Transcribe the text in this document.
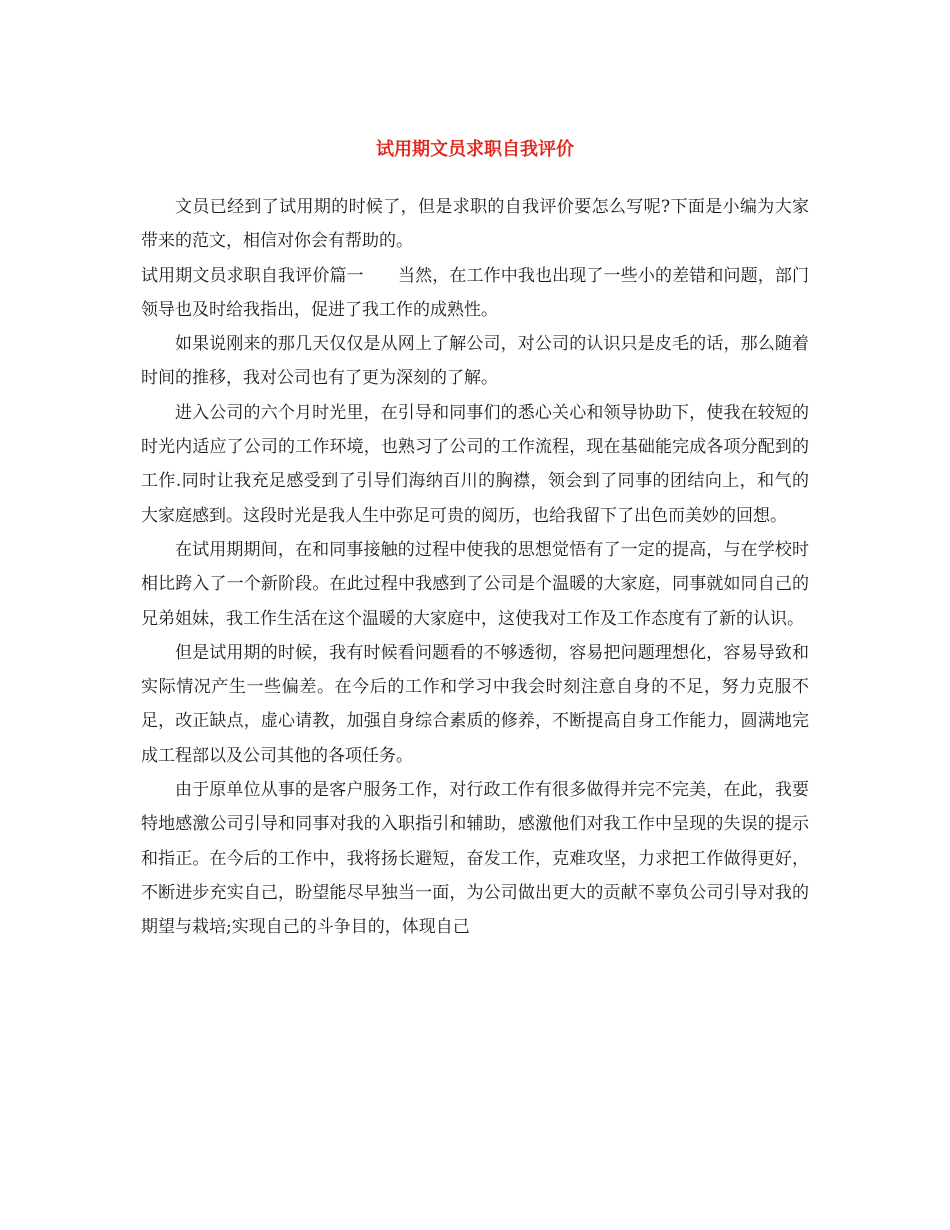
试用期文员求职自我评价

文员已经到了试用期的时候了，但是求职的自我评价要怎么写呢?下面是小编为大家带来的范文，相信对你会有帮助的。

试用期文员求职自我评价篇一　　当然，在工作中我也出现了一些小的差错和问题，部门领导也及时给我指出，促进了我工作的成熟性。

如果说刚来的那几天仅仅是从网上了解公司，对公司的认识只是皮毛的话，那么随着时间的推移，我对公司也有了更为深刻的了解。

进入公司的六个月时光里，在引导和同事们的悉心关心和领导协助下，使我在较短的时光内适应了公司的工作环境，也熟习了公司的工作流程，现在基础能完成各项分配到的工作.同时让我充足感受到了引导们海纳百川的胸襟，领会到了同事的团结向上，和气的大家庭感到。这段时光是我人生中弥足可贵的阅历，也给我留下了出色而美妙的回想。

在试用期期间，在和同事接触的过程中使我的思想觉悟有了一定的提高，与在学校时相比跨入了一个新阶段。在此过程中我感到了公司是个温暖的大家庭，同事就如同自己的兄弟姐妹，我工作生活在这个温暖的大家庭中，这使我对工作及工作态度有了新的认识。

但是试用期的时候，我有时候看问题看的不够透彻，容易把问题理想化，容易导致和实际情况产生一些偏差。在今后的工作和学习中我会时刻注意自身的不足，努力克服不足，改正缺点，虚心请教，加强自身综合素质的修养，不断提高自身工作能力，圆满地完成工程部以及公司其他的各项任务。

由于原单位从事的是客户服务工作，对行政工作有很多做得并完不完美，在此，我要特地感激公司引导和同事对我的入职指引和辅助，感激他们对我工作中呈现的失误的提示和指正。在今后的工作中，我将扬长避短，奋发工作，克难攻坚，力求把工作做得更好，不断进步充实自己，盼望能尽早独当一面，为公司做出更大的贡献不辜负公司引导对我的期望与栽培;实现自己的斗争目的，体现自己
